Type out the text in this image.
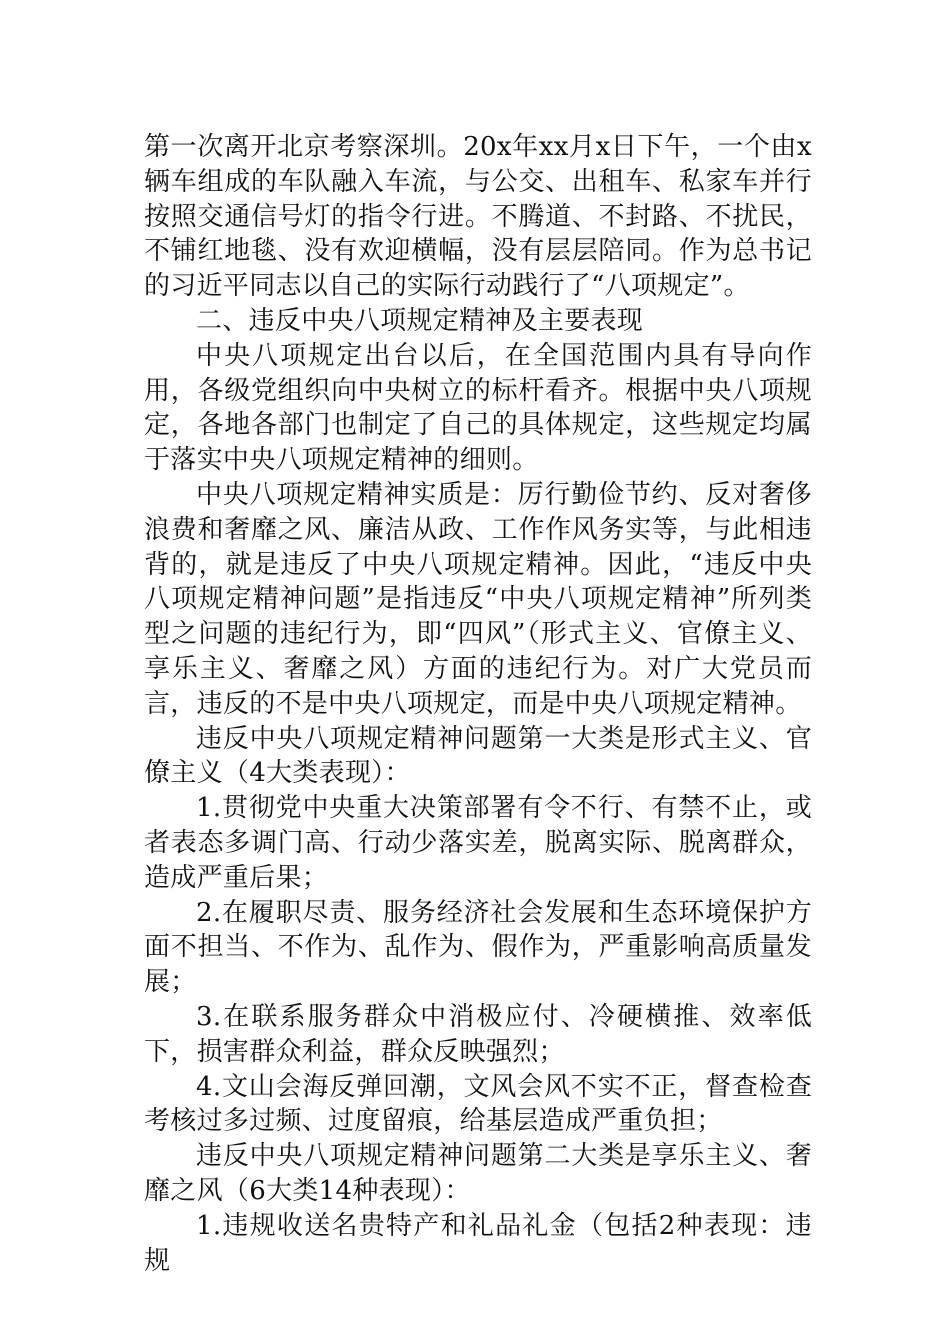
第一次离开北京考察深圳。20x年xx月x日下午，一个由x辆车组成的车队融入车流，与公交、出租车、私家车并行按照交通信号灯的指令行进。不腾道、不封路、不扰民，不铺红地毯、没有欢迎横幅，没有层层陪同。作为总书记的习近平同志以自己的实际行动践行了“八项规定”。

二、违反中央八项规定精神及主要表现

中央八项规定出台以后，在全国范围内具有导向作用，各级党组织向中央树立的标杆看齐。根据中央八项规定，各地各部门也制定了自己的具体规定，这些规定均属于落实中央八项规定精神的细则。

中央八项规定精神实质是：厉行勤俭节约、反对奢侈浪费和奢靡之风、廉洁从政、工作作风务实等，与此相违背的，就是违反了中央八项规定精神。因此，“违反中央八项规定精神问题”是指违反“中央八项规定精神”所列类型之问题的违纪行为，即“四风”（形式主义、官僚主义、享乐主义、奢靡之风）方面的违纪行为。对广大党员而言，违反的不是中央八项规定，而是中央八项规定精神。

违反中央八项规定精神问题第一大类是形式主义、官僚主义（4大类表现）：

1.贯彻党中央重大决策部署有令不行、有禁不止，或者表态多调门高、行动少落实差，脱离实际、脱离群众，造成严重后果；

2.在履职尽责、服务经济社会发展和生态环境保护方面不担当、不作为、乱作为、假作为，严重影响高质量发展；

3.在联系服务群众中消极应付、冷硬横推、效率低下，损害群众利益，群众反映强烈；

4.文山会海反弹回潮，文风会风不实不正，督查检查考核过多过频、过度留痕，给基层造成严重负担；

违反中央八项规定精神问题第二大类是享乐主义、奢靡之风（6大类14种表现）：

1.违规收送名贵特产和礼品礼金（包括2种表现：违规
